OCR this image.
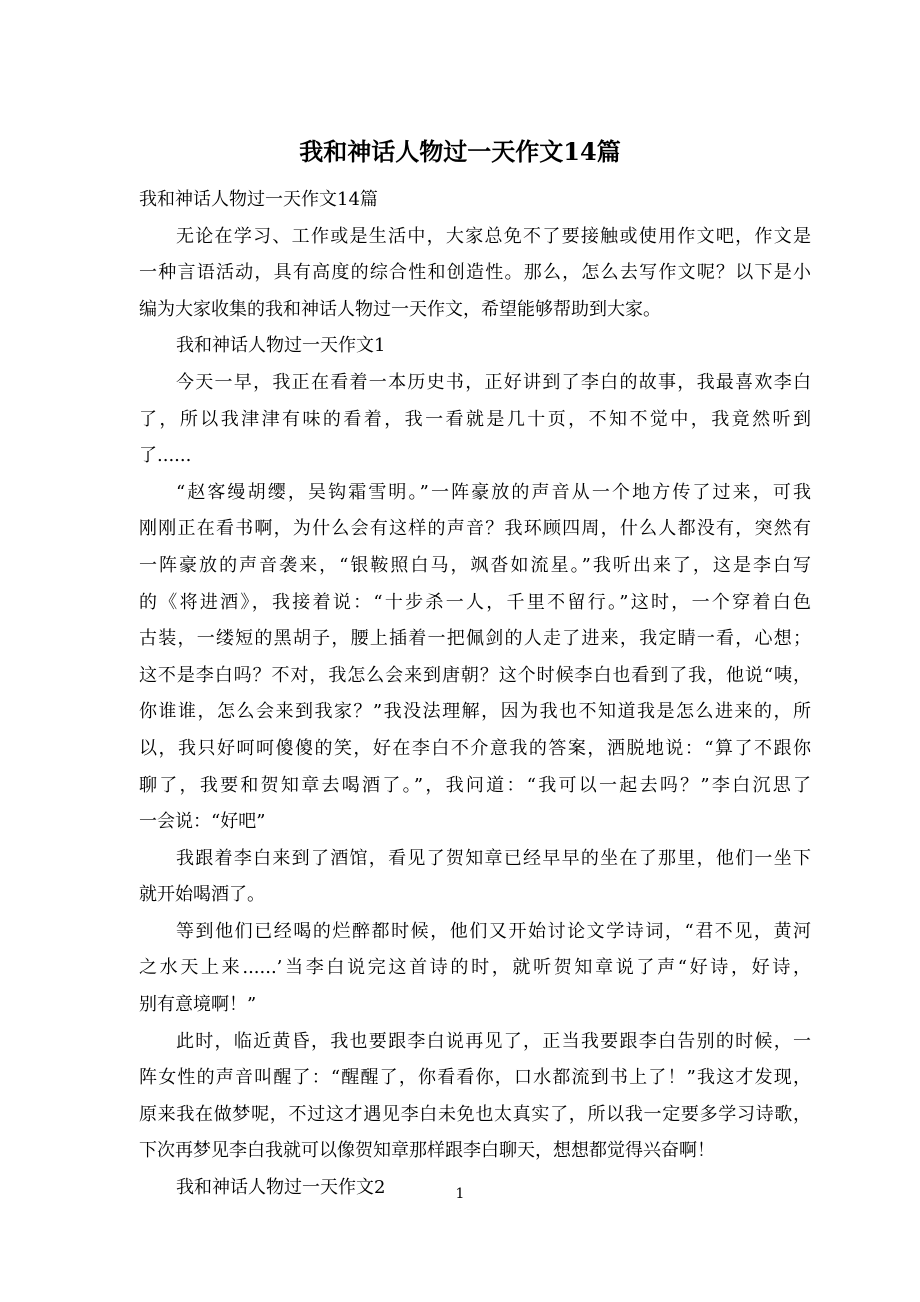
我和神话人物过一天作文14篇
我和神话人物过一天作文14篇
无论在学习、工作或是生活中，大家总免不了要接触或使用作文吧，作文是
一种言语活动，具有高度的综合性和创造性。那么，怎么去写作文呢？以下是小
编为大家收集的我和神话人物过一天作文，希望能够帮助到大家。
我和神话人物过一天作文1
今天一早，我正在看着一本历史书，正好讲到了李白的故事，我最喜欢李白
了，所以我津津有味的看着，我一看就是几十页，不知不觉中，我竟然听到
了......
“赵客缦胡缨，吴钩霜雪明。”一阵豪放的声音从一个地方传了过来，可我
刚刚正在看书啊，为什么会有这样的声音？我环顾四周，什么人都没有，突然有
一阵豪放的声音袭来，“银鞍照白马，飒沓如流星。”我听出来了，这是李白写
的《将进酒》，我接着说：“十步杀一人，千里不留行。”这时，一个穿着白色
古装，一缕短的黑胡子，腰上插着一把佩剑的人走了进来，我定睛一看，心想；
这不是李白吗？不对，我怎么会来到唐朝？这个时候李白也看到了我，他说“咦，
你谁谁，怎么会来到我家？”我没法理解，因为我也不知道我是怎么进来的，所
以，我只好呵呵傻傻的笑，好在李白不介意我的答案，洒脱地说：“算了不跟你
聊了，我要和贺知章去喝酒了。”，我问道：“我可以一起去吗？”李白沉思了
一会说：“好吧”
我跟着李白来到了酒馆，看见了贺知章已经早早的坐在了那里，他们一坐下
就开始喝酒了。
等到他们已经喝的烂醉都时候，他们又开始讨论文学诗词，“君不见，黄河
之水天上来......’当李白说完这首诗的时，就听贺知章说了声“好诗，好诗，
别有意境啊！”
此时，临近黄昏，我也要跟李白说再见了，正当我要跟李白告别的时候，一
阵女性的声音叫醒了：“醒醒了，你看看你，口水都流到书上了！”我这才发现，
原来我在做梦呢，不过这才遇见李白未免也太真实了，所以我一定要多学习诗歌，
下次再梦见李白我就可以像贺知章那样跟李白聊天，想想都觉得兴奋啊！
我和神话人物过一天作文2	1
